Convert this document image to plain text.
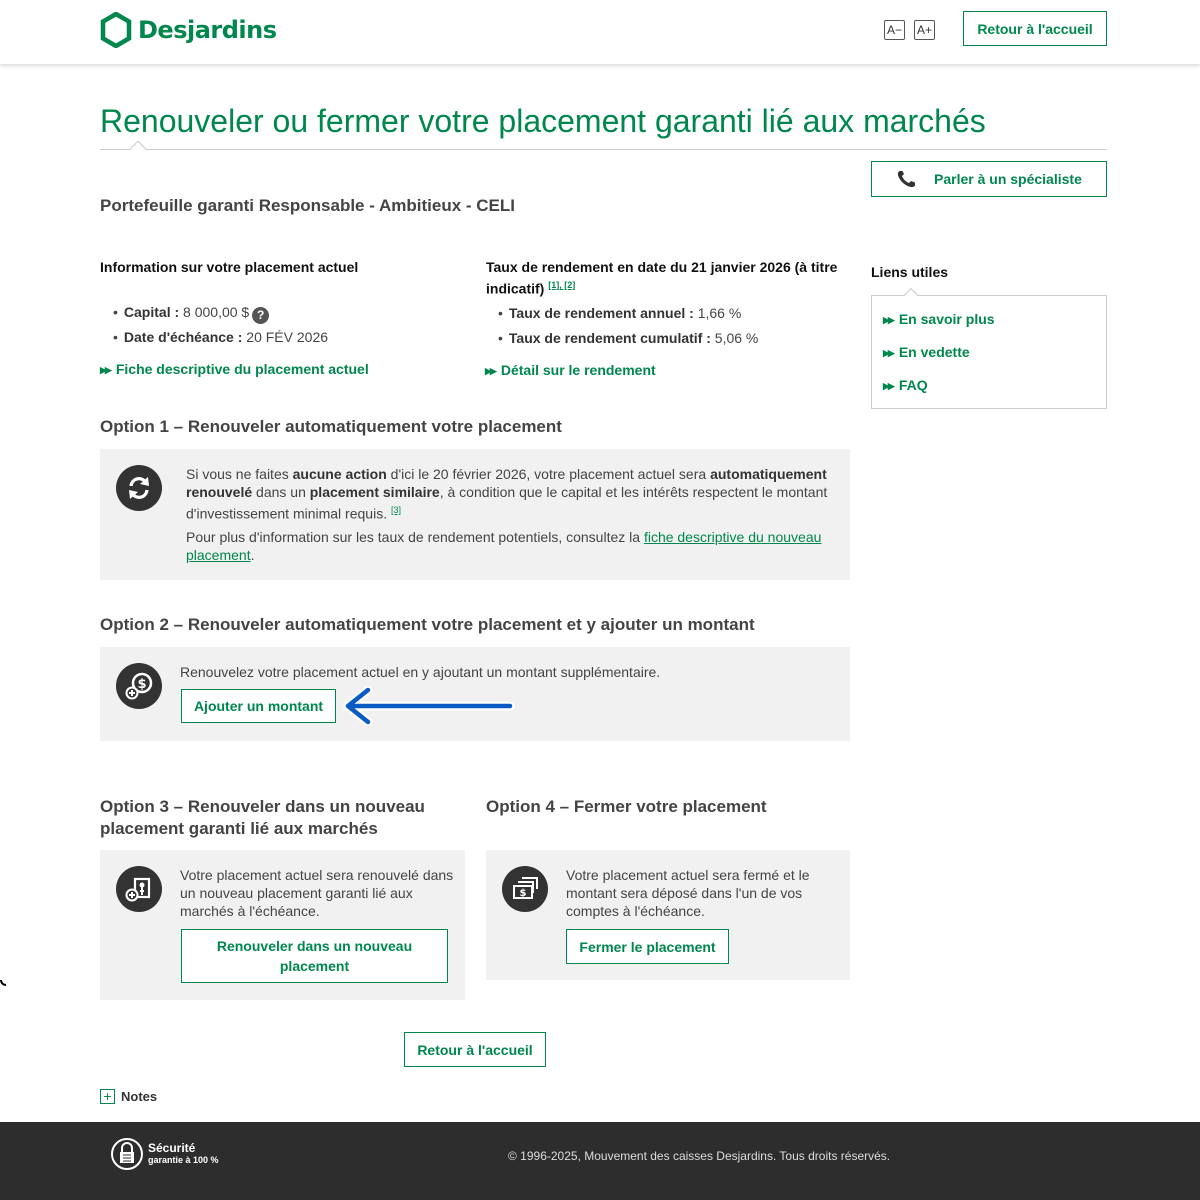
Desjardins	A− A+	Retour à l'accueil
Renouveler ou fermer votre placement garanti lié aux marchés
Parler à un spécialiste
Portefeuille garanti Responsable - Ambitieux - CELI
Information sur votre placement actuel
• Capital : 8 000,00 $ ?
• Date d'échéance : 20 FÉV 2026
▶▶ Fiche descriptive du placement actuel
Taux de rendement en date du 21 janvier 2026 (à titre indicatif) [1], [2]
• Taux de rendement annuel : 1,66 %
• Taux de rendement cumulatif : 5,06 %
▶▶ Détail sur le rendement
Liens utiles
▶▶ En savoir plus
▶▶ En vedette
▶▶ FAQ
Option 1 – Renouveler automatiquement votre placement
Si vous ne faites aucune action d'ici le 20 février 2026, votre placement actuel sera automatiquement renouvelé dans un placement similaire, à condition que le capital et les intérêts respectent le montant d'investissement minimal requis. [3]
Pour plus d'information sur les taux de rendement potentiels, consultez la fiche descriptive du nouveau placement.
Option 2 – Renouveler automatiquement votre placement et y ajouter un montant
$
Renouvelez votre placement actuel en y ajoutant un montant supplémentaire.
Ajouter un montant
Option 3 – Renouveler dans un nouveau placement garanti lié aux marchés
Votre placement actuel sera renouvelé dans un nouveau placement garanti lié aux marchés à l'échéance.
Renouveler dans un nouveau placement
Option 4 – Fermer votre placement
$
Votre placement actuel sera fermé et le montant sera déposé dans l'un de vos comptes à l'échéance.
Fermer le placement
Retour à l'accueil
+ Notes
Sécurité
garantie à 100 %	© 1996-2025, Mouvement des caisses Desjardins. Tous droits réservés.
